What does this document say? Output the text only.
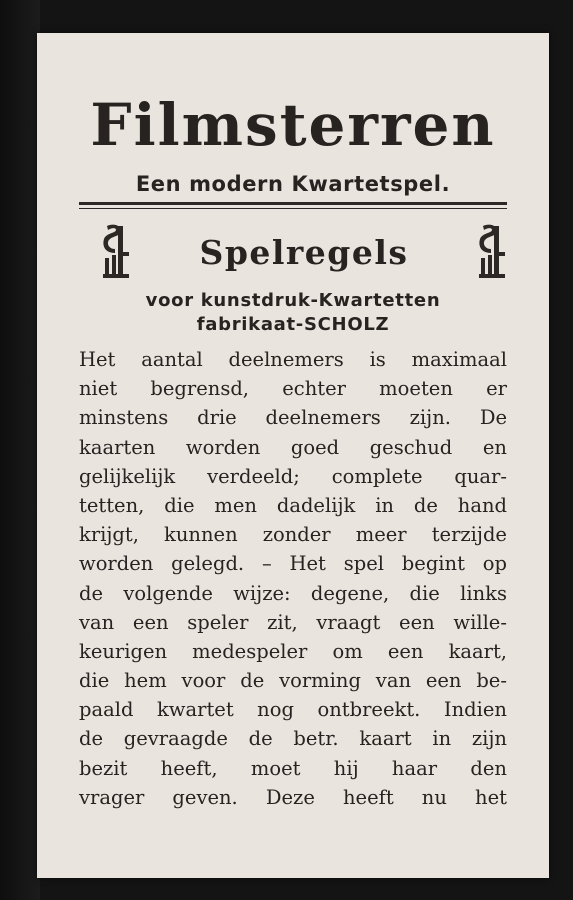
Filmsterren
Een modern Kwartetspel.
Spelregels
voor kunstdruk-Kwartetten
fabrikaat-SCHOLZ
Het aantal deelnemers is maximaal
niet begrensd, echter moeten er
minstens drie deelnemers zijn. De
kaarten worden goed geschud en
gelijkelijk verdeeld; complete quar-
tetten, die men dadelijk in de hand
krijgt, kunnen zonder meer terzijde
worden gelegd. – Het spel begint op
de volgende wijze: degene, die links
van een speler zit, vraagt een wille-
keurigen medespeler om een kaart,
die hem voor de vorming van een be-
paald kwartet nog ontbreekt. Indien
de gevraagde de betr. kaart in zijn
bezit heeft, moet hij haar den
vrager geven. Deze heeft nu het
